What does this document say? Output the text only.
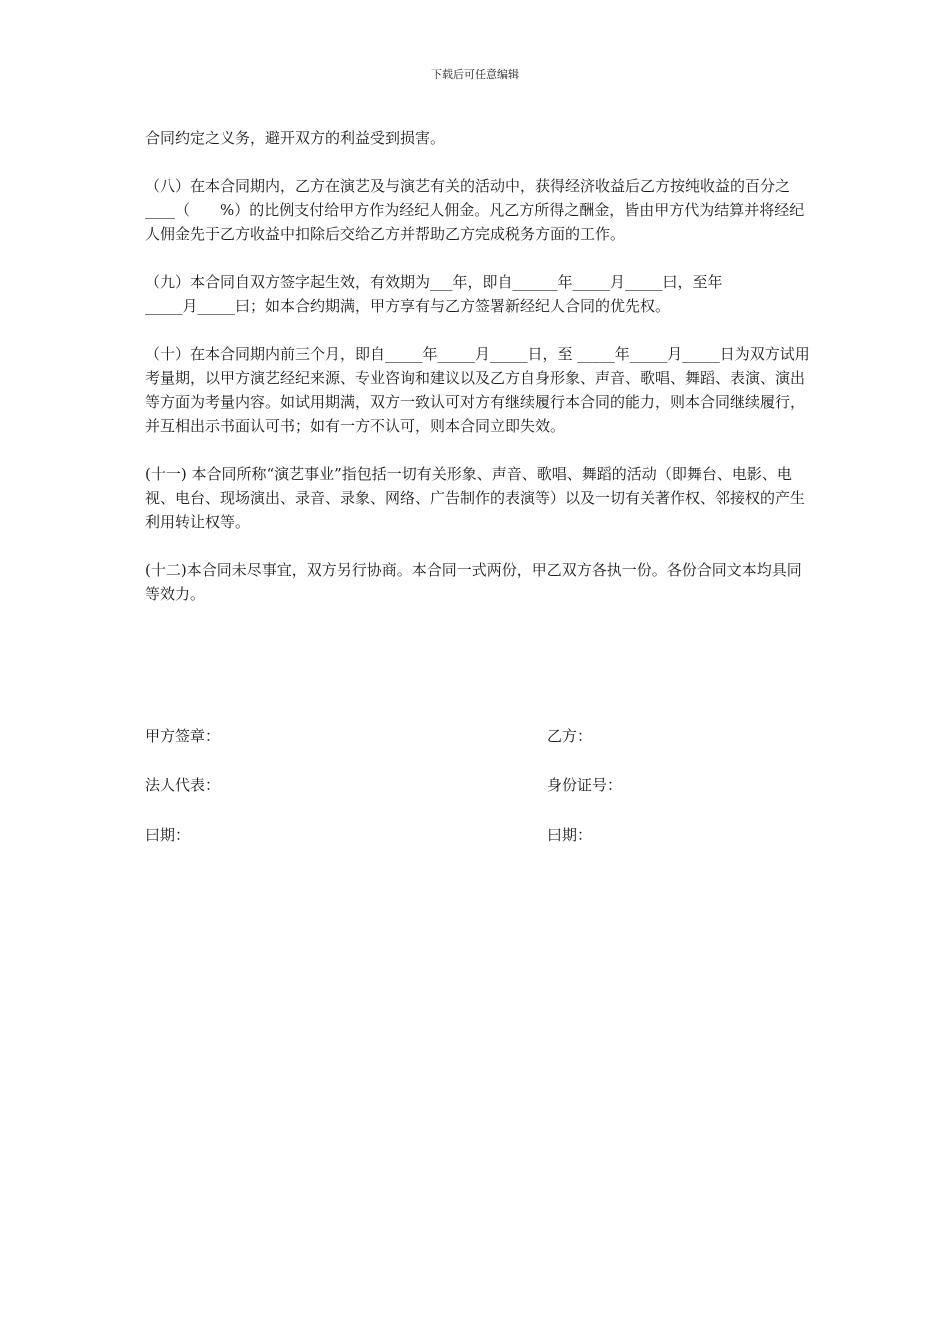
下载后可任意编辑

合同约定之义务，避开双方的利益受到损害。

（八）在本合同期内，乙方在演艺及与演艺有关的活动中，获得经济收益后乙方按纯收益的百分之____（　　%）的比例支付给甲方作为经纪人佣金。凡乙方所得之酬金，皆由甲方代为结算并将经纪人佣金先于乙方收益中扣除后交给乙方并帮助乙方完成税务方面的工作。

（九）本合同自双方签字起生效，有效期为___年，即自______年_____月_____曰，至年

_____月_____曰；如本合约期满，甲方享有与乙方签署新经纪人合同的优先权。

（十）在本合同期内前三个月，即自_____年_____月_____日，至 _____年_____月_____日为双方试用考量期，以甲方演艺经纪来源、专业咨询和建议以及乙方自身形象、声音、歌唱、舞蹈、表演、演出等方面为考量内容。如试用期满，双方一致认可对方有继续履行本合同的能力，则本合同继续履行，并互相出示书面认可书；如有一方不认可，则本合同立即失效。

(十一) 本合同所称“演艺事业”指包括一切有关形象、声音、歌唱、舞蹈的活动（即舞台、电影、电视、电台、现场演出、录音、录象、网络、广告制作的表演等）以及一切有关著作权、邻接权的产生利用转让权等。

(十二)本合同未尽事宜，双方另行协商。本合同一式两份，甲乙双方各执一份。各份合同文本均具同等效力。

甲方签章：	乙方：
法人代表：	身份证号：
曰期：	曰期：
